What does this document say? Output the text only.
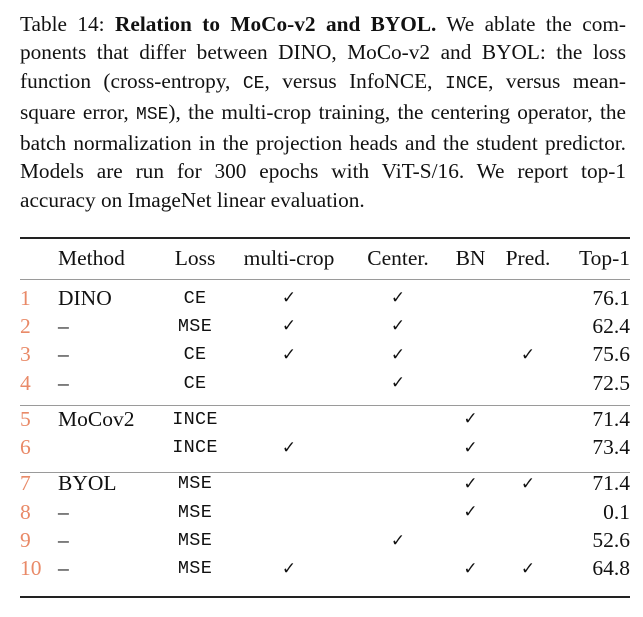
Table 14: Relation to MoCo-v2 and BYOL. We ablate the com-ponents that differ between DINO, MoCo-v2 and BYOL: the loss function (cross-entropy, CE, versus InfoNCE, INCE, versus mean-square error, MSE), the multi-crop training, the centering operator, the batch normalization in the projection heads and the student predictor. Models are run for 300 epochs with ViT-S/16. We report top-1 accuracy on ImageNet linear evaluation.
	Method	Loss	multi-crop	Center.	BN	Pred.	Top-1
1	DINO	CE	✓	✓			76.1
2	–	MSE	✓	✓			62.4
3	–	CE	✓	✓		✓	75.6
4	–	CE		✓			72.5

5	MoCov2	INCE			✓		71.4
6		INCE	✓		✓		73.4

7	BYOL	MSE			✓	✓	71.4
8	–	MSE			✓		0.1
9	–	MSE		✓			52.6
10	–	MSE	✓		✓	✓	64.8
